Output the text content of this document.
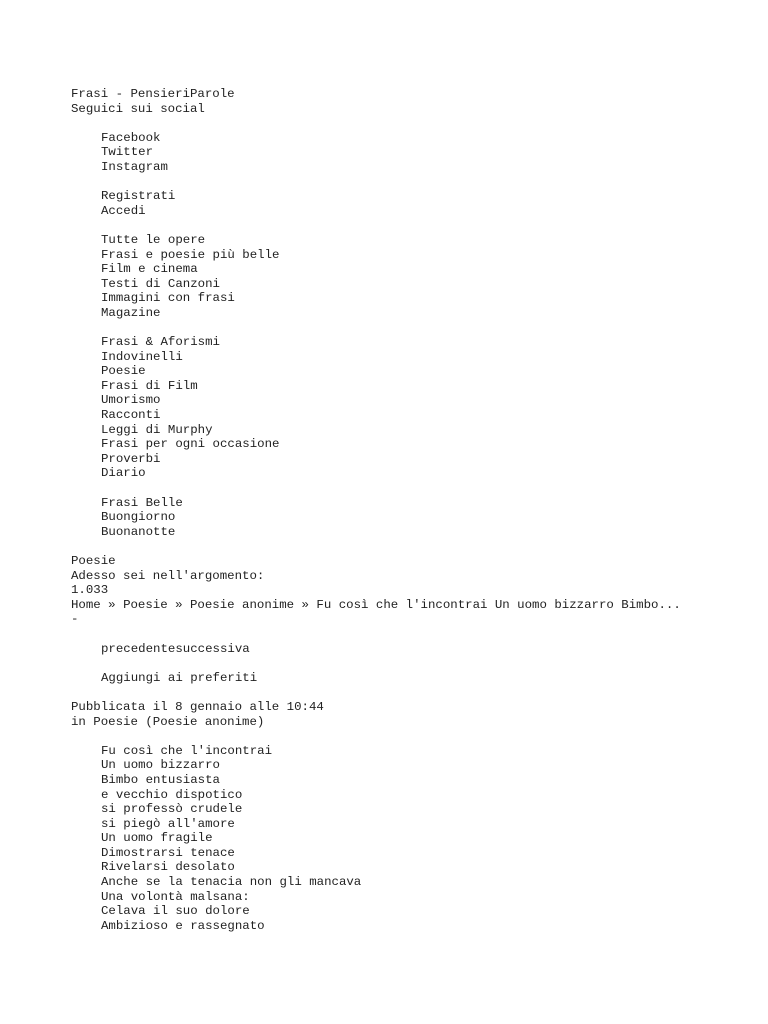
Frasi - PensieriParole
Seguici sui social
Facebook
Twitter
Instagram
Registrati
Accedi
Tutte le opere
Frasi e poesie più belle
Film e cinema
Testi di Canzoni
Immagini con frasi
Magazine
Frasi & Aforismi
Indovinelli
Poesie
Frasi di Film
Umorismo
Racconti
Leggi di Murphy
Frasi per ogni occasione
Proverbi
Diario
Frasi Belle
Buongiorno
Buonanotte
Poesie
Adesso sei nell'argomento:
1.033
Home » Poesie » Poesie anonime » Fu così che l'incontrai Un uomo bizzarro Bimbo...
-
precedentesuccessiva
Aggiungi ai preferiti
Pubblicata il 8 gennaio alle 10:44
in Poesie (Poesie anonime)
Fu così che l'incontrai
Un uomo bizzarro
Bimbo entusiasta
e vecchio dispotico
si professò crudele
si piegò all'amore
Un uomo fragile
Dimostrarsi tenace
Rivelarsi desolato
Anche se la tenacia non gli mancava
Una volontà malsana:
Celava il suo dolore
Ambizioso e rassegnato
